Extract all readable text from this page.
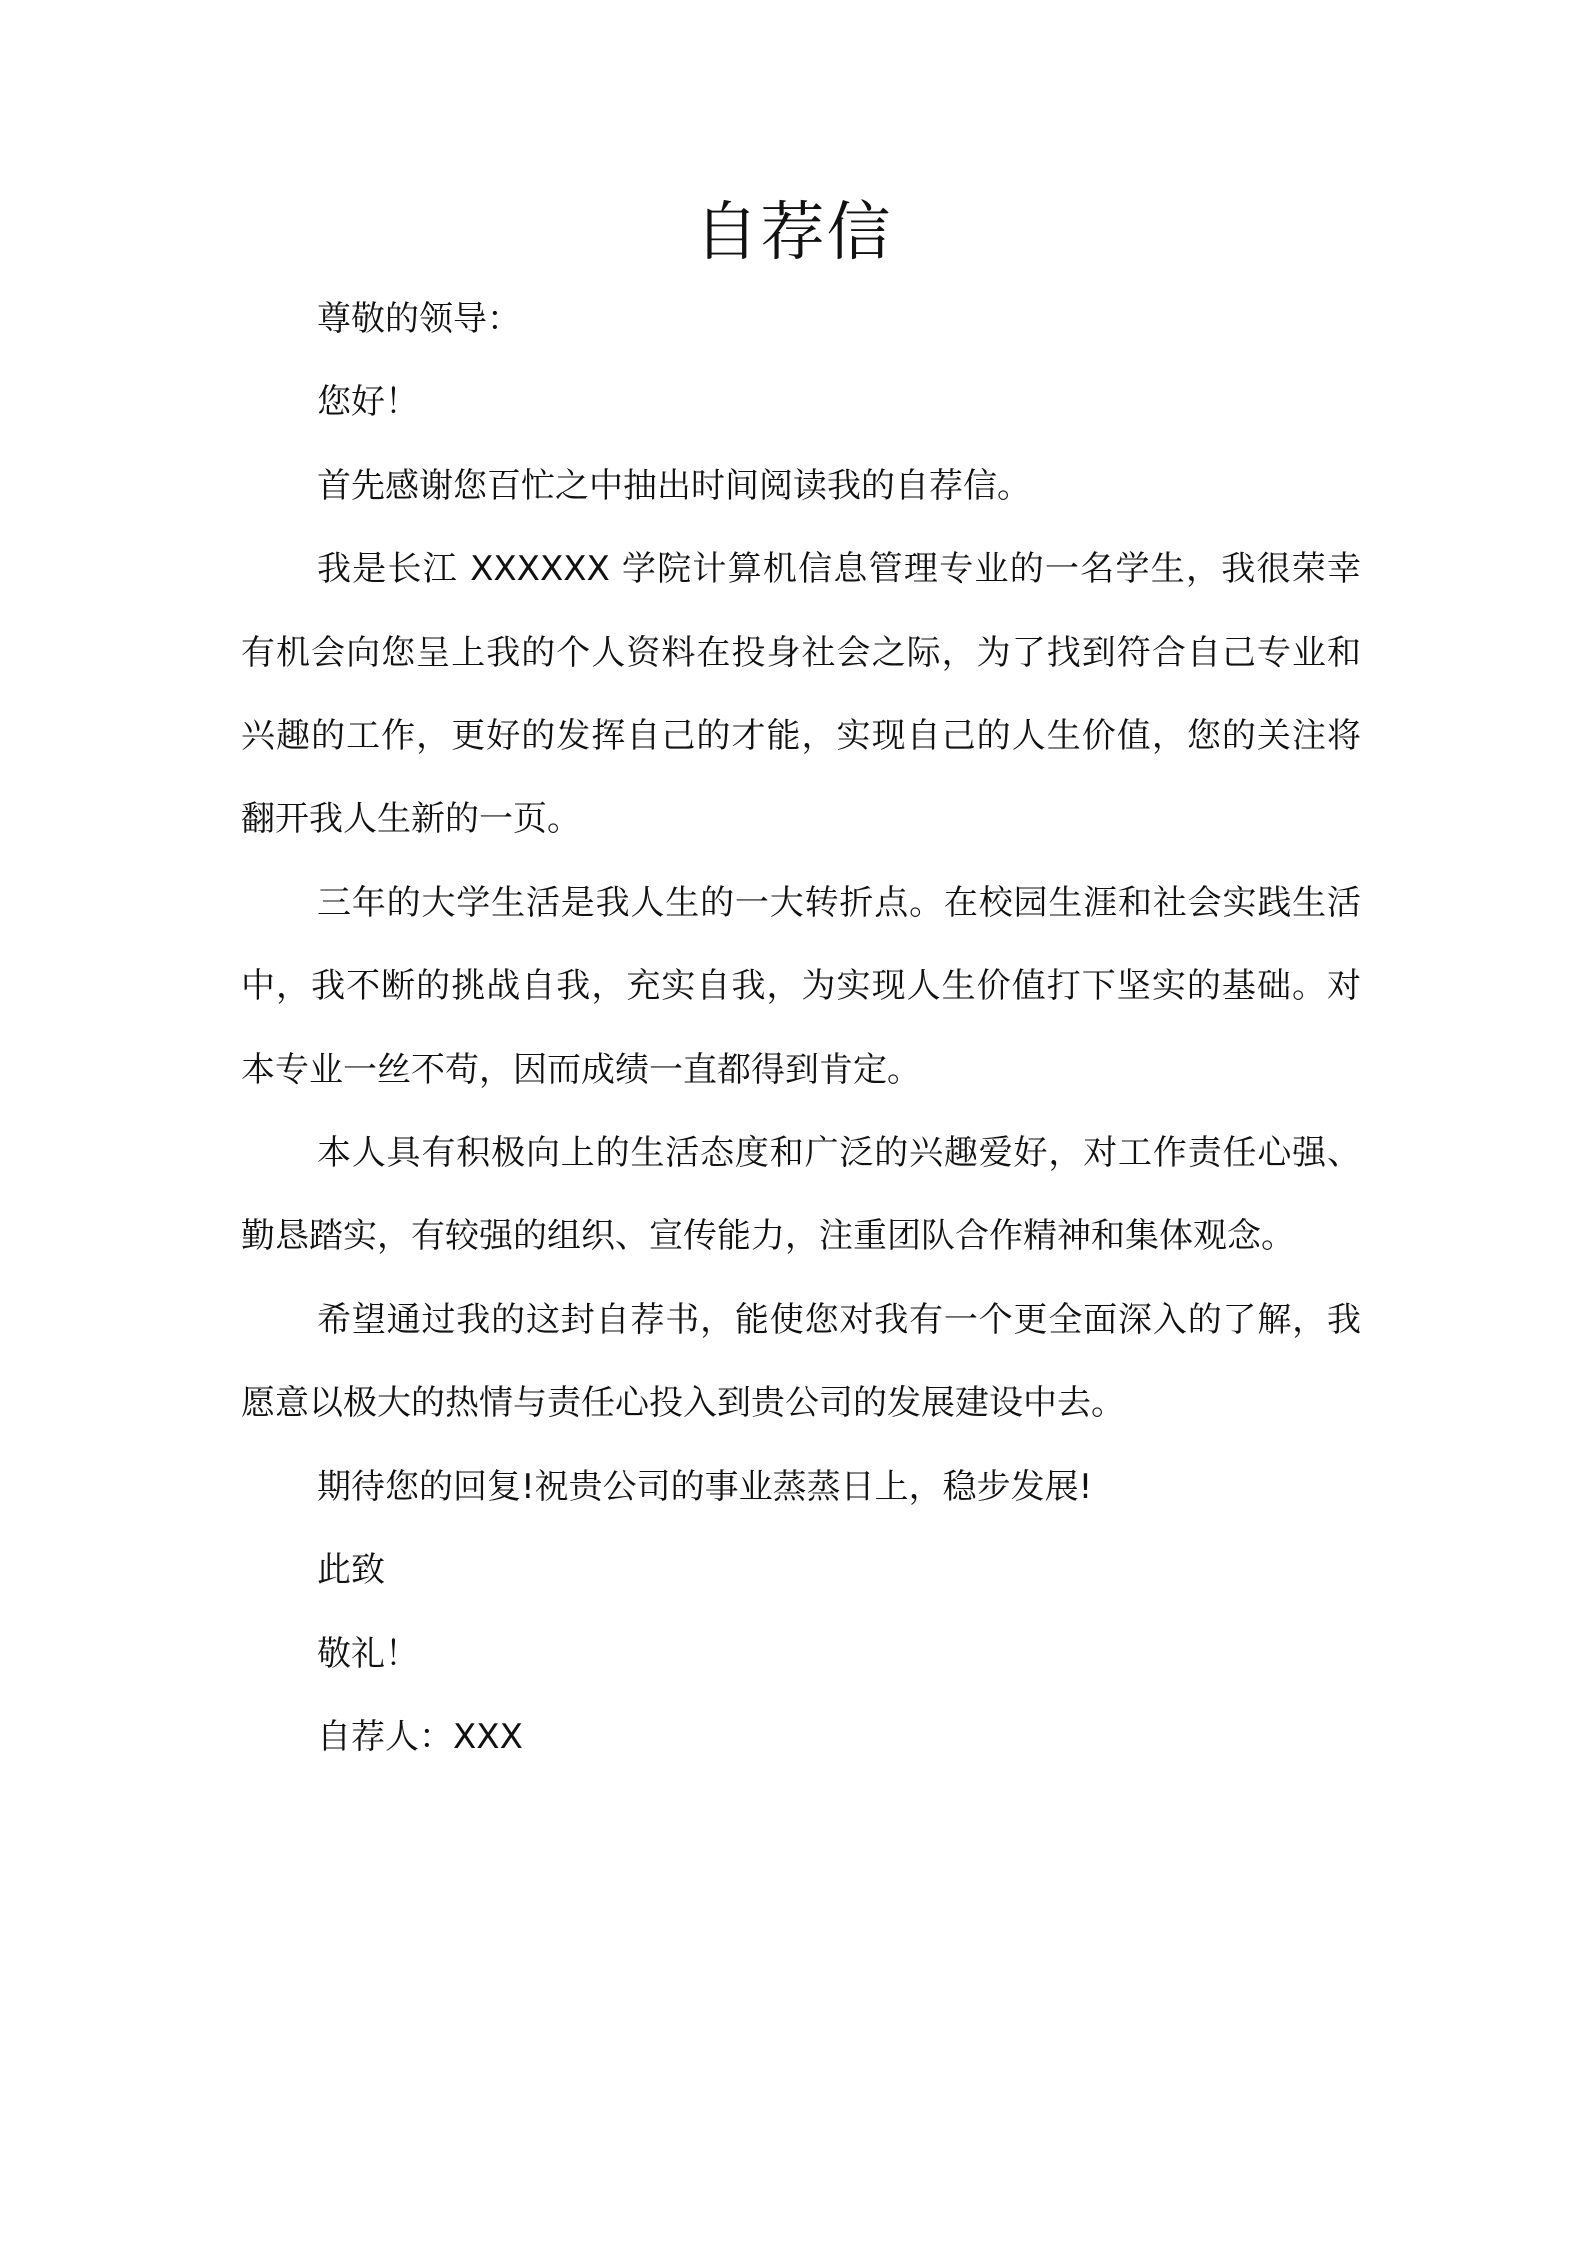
自荐信

尊敬的领导：

您好！

首先感谢您百忙之中抽出时间阅读我的自荐信。

我是长江 XXXXXX 学院计算机信息管理专业的一名学生，我很荣幸有机会向您呈上我的个人资料在投身社会之际，为了找到符合自己专业和兴趣的工作，更好的发挥自己的才能，实现自己的人生价值，您的关注将翻开我人生新的一页。

三年的大学生活是我人生的一大转折点。在校园生涯和社会实践生活中，我不断的挑战自我，充实自我，为实现人生价值打下坚实的基础。对本专业一丝不苟，因而成绩一直都得到肯定。

本人具有积极向上的生活态度和广泛的兴趣爱好，对工作责任心强、勤恳踏实，有较强的组织、宣传能力，注重团队合作精神和集体观念。

希望通过我的这封自荐书，能使您对我有一个更全面深入的了解，我愿意以极大的热情与责任心投入到贵公司的发展建设中去。

期待您的回复!祝贵公司的事业蒸蒸日上，稳步发展!

此致

敬礼！

自荐人：XXX
